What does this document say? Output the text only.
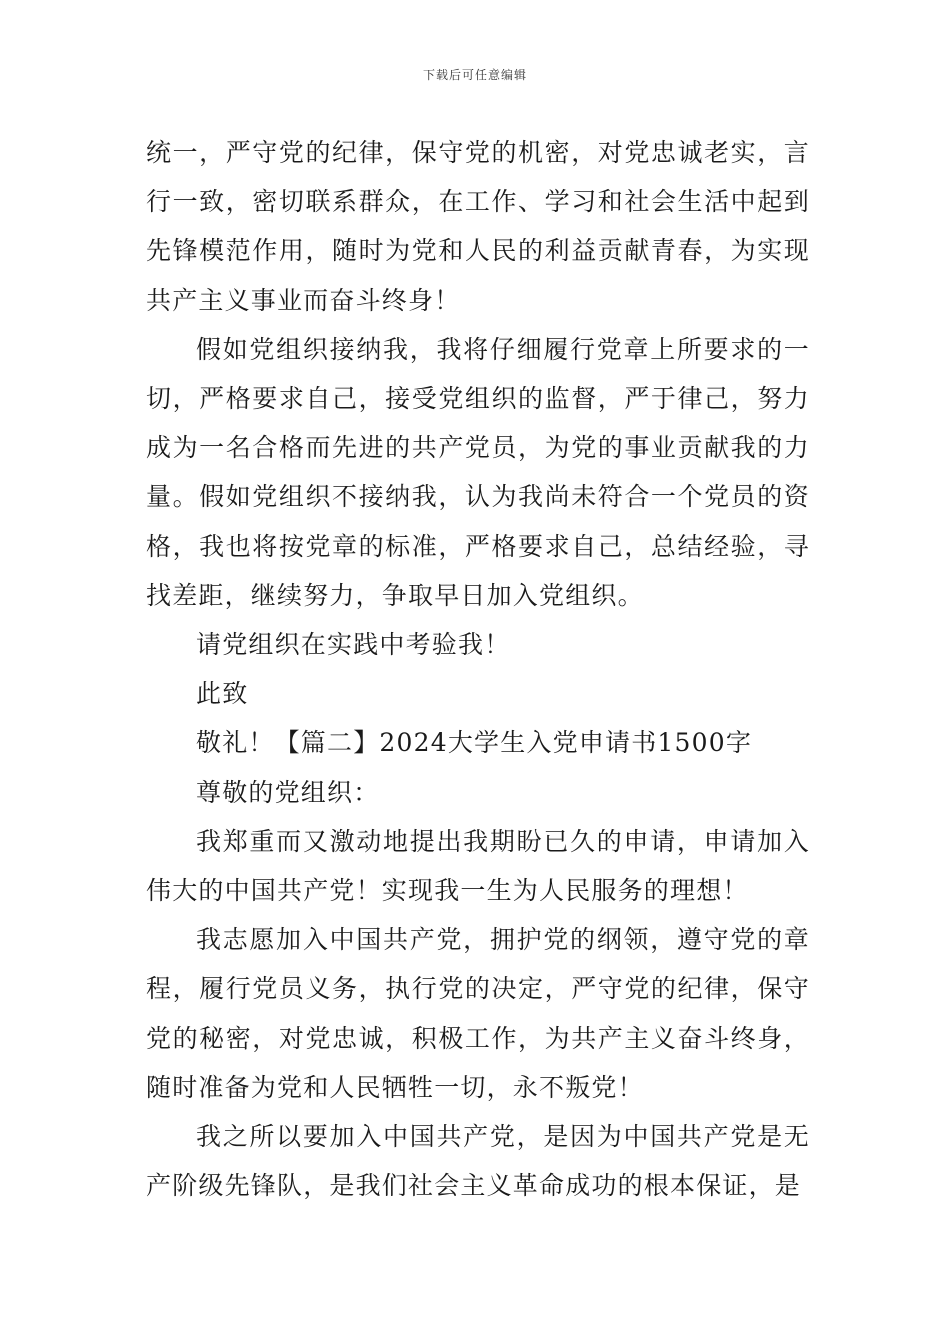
下载后可任意编辑

统一，严守党的纪律，保守党的机密，对党忠诚老实，言行一致，密切联系群众，在工作、学习和社会生活中起到先锋模范作用，随时为党和人民的利益贡献青春，为实现共产主义事业而奋斗终身！

假如党组织接纳我，我将仔细履行党章上所要求的一切，严格要求自己，接受党组织的监督，严于律己，努力成为一名合格而先进的共产党员，为党的事业贡献我的力量。假如党组织不接纳我，认为我尚未符合一个党员的资格，我也将按党章的标准，严格要求自己，总结经验，寻找差距，继续努力，争取早日加入党组织。

请党组织在实践中考验我！

此致

敬礼！【篇二】2024大学生入党申请书1500字

尊敬的党组织：

我郑重而又激动地提出我期盼已久的申请，申请加入伟大的中国共产党！实现我一生为人民服务的理想！

我志愿加入中国共产党，拥护党的纲领，遵守党的章程，履行党员义务，执行党的决定，严守党的纪律，保守党的秘密，对党忠诚，积极工作，为共产主义奋斗终身，随时准备为党和人民牺牲一切，永不叛党！

我之所以要加入中国共产党，是因为中国共产党是无产阶级先锋队，是我们社会主义革命成功的根本保证，是
